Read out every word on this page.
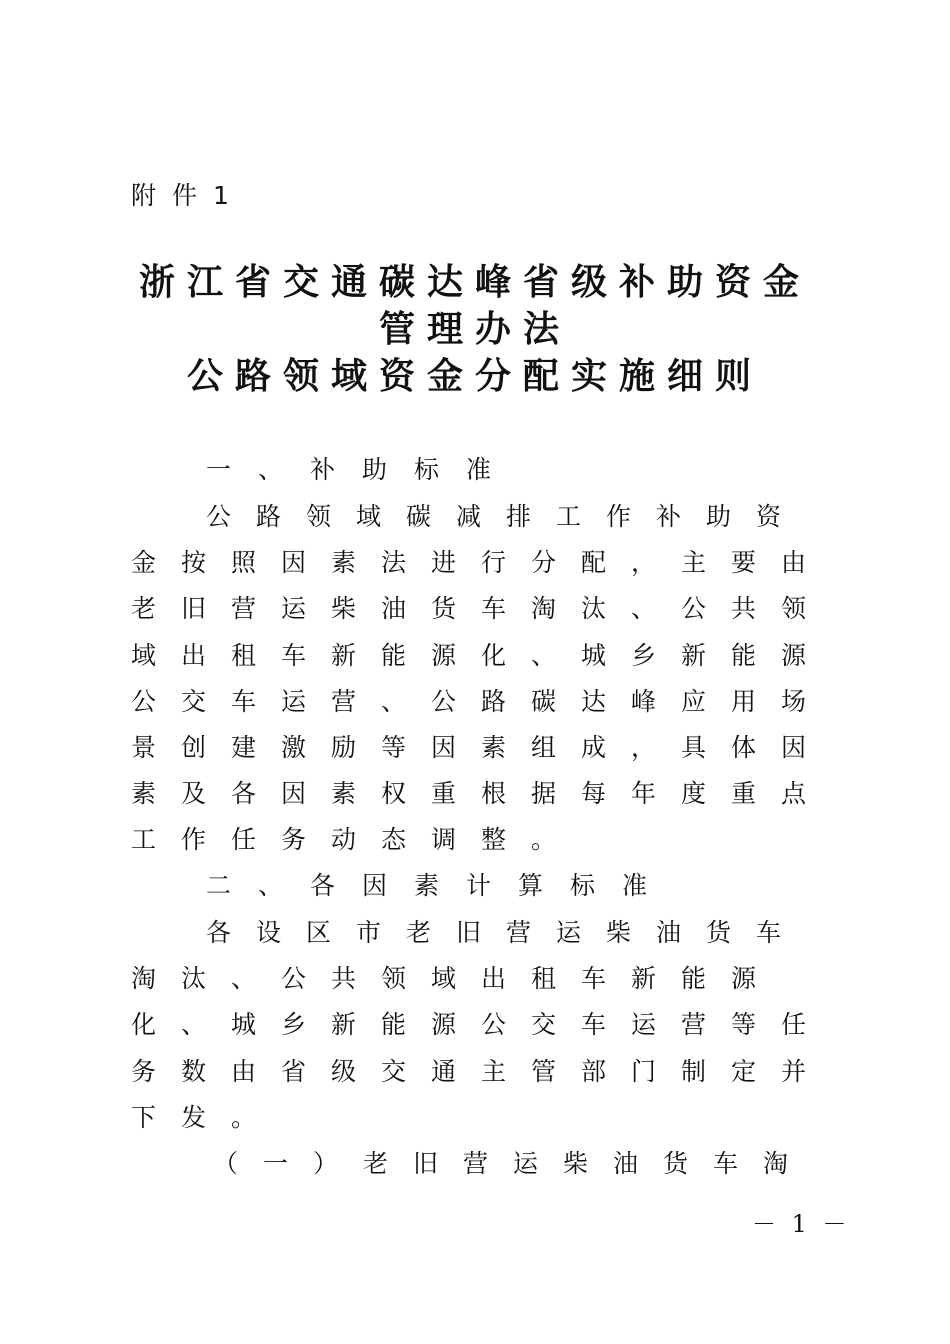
附件1
浙江省交通碳达峰省级补助资金
管理办法
公路领域资金分配实施细则
一、补助标准
公路领域碳减排工作补助资
金按照因素法进行分配，主要由
老旧营运柴油货车淘汰、公共领
域出租车新能源化、城乡新能源
公交车运营、公路碳达峰应用场
景创建激励等因素组成，具体因
素及各因素权重根据每年度重点
工作任务动态调整。
二、各因素计算标准
各设区市老旧营运柴油货车
淘汰、公共领域出租车新能源
化、城乡新能源公交车运营等任
务数由省级交通主管部门制定并
下发。
（一）老旧营运柴油货车淘
－ 1 －
